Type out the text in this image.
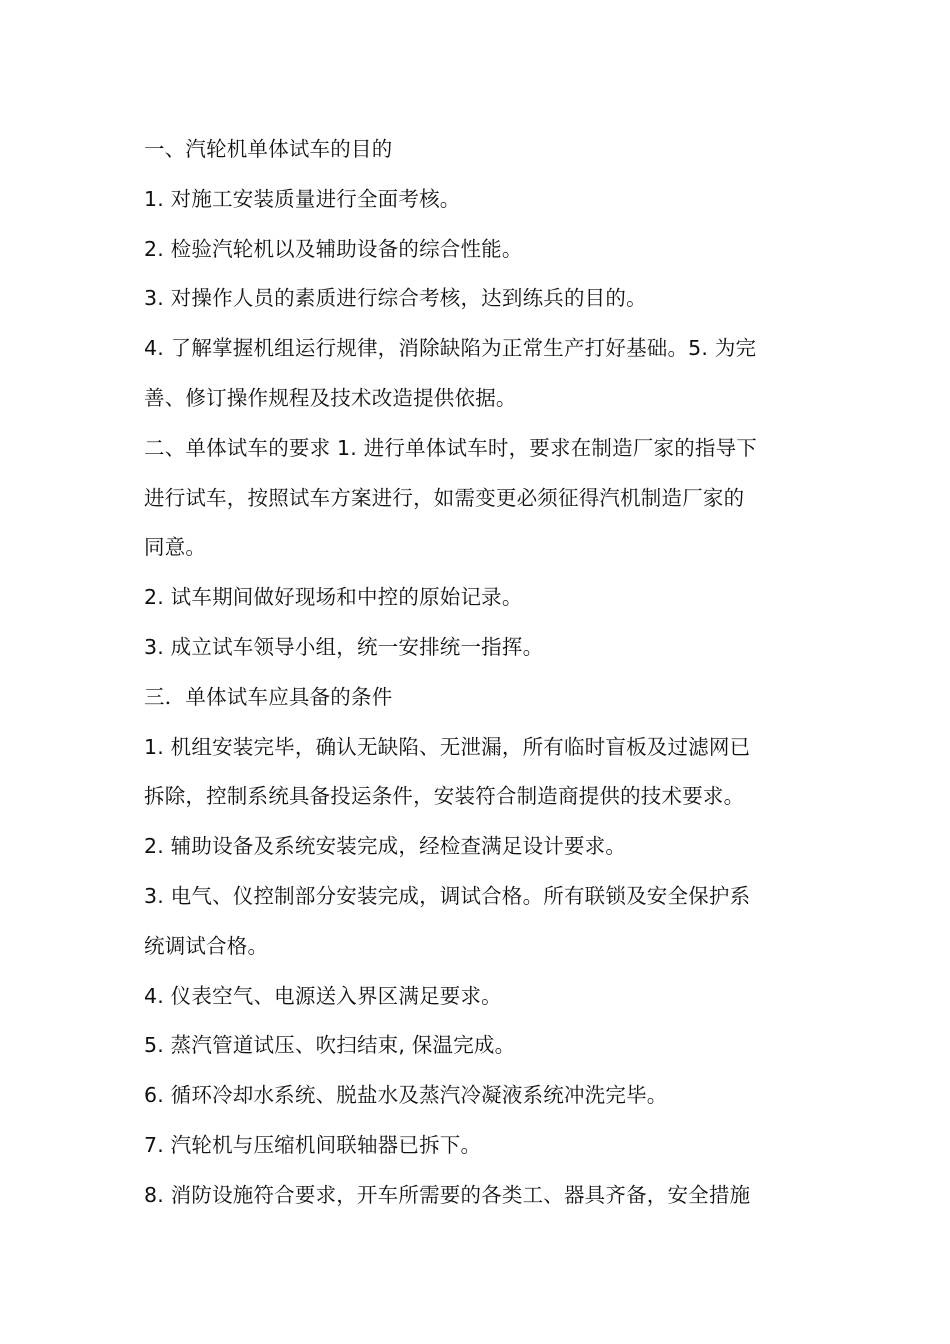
一、汽轮机单体试车的目的

1. 对施工安装质量进行全面考核。

2. 检验汽轮机以及辅助设备的综合性能。

3. 对操作人员的素质进行综合考核，达到练兵的目的。

4. 了解掌握机组运行规律，消除缺陷为正常生产打好基础。5. 为完

善、修订操作规程及技术改造提供依据。

二、单体试车的要求 1. 进行单体试车时，要求在制造厂家的指导下

进行试车，按照试车方案进行，如需变更必须征得汽机制造厂家的

同意。

2. 试车期间做好现场和中控的原始记录。

3. 成立试车领导小组，统一安排统一指挥。

三．单体试车应具备的条件

1. 机组安装完毕，确认无缺陷、无泄漏，所有临时盲板及过滤网已

拆除，控制系统具备投运条件，安装符合制造商提供的技术要求。

2. 辅助设备及系统安装完成，经检查满足设计要求。

3. 电气、仪控制部分安装完成，调试合格。所有联锁及安全保护系

统调试合格。

4. 仪表空气、电源送入界区满足要求。

5. 蒸汽管道试压、吹扫结束, 保温完成。

6. 循环冷却水系统、脱盐水及蒸汽冷凝液系统冲洗完毕。

7. 汽轮机与压缩机间联轴器已拆下。

8. 消防设施符合要求，开车所需要的各类工、器具齐备，安全措施
